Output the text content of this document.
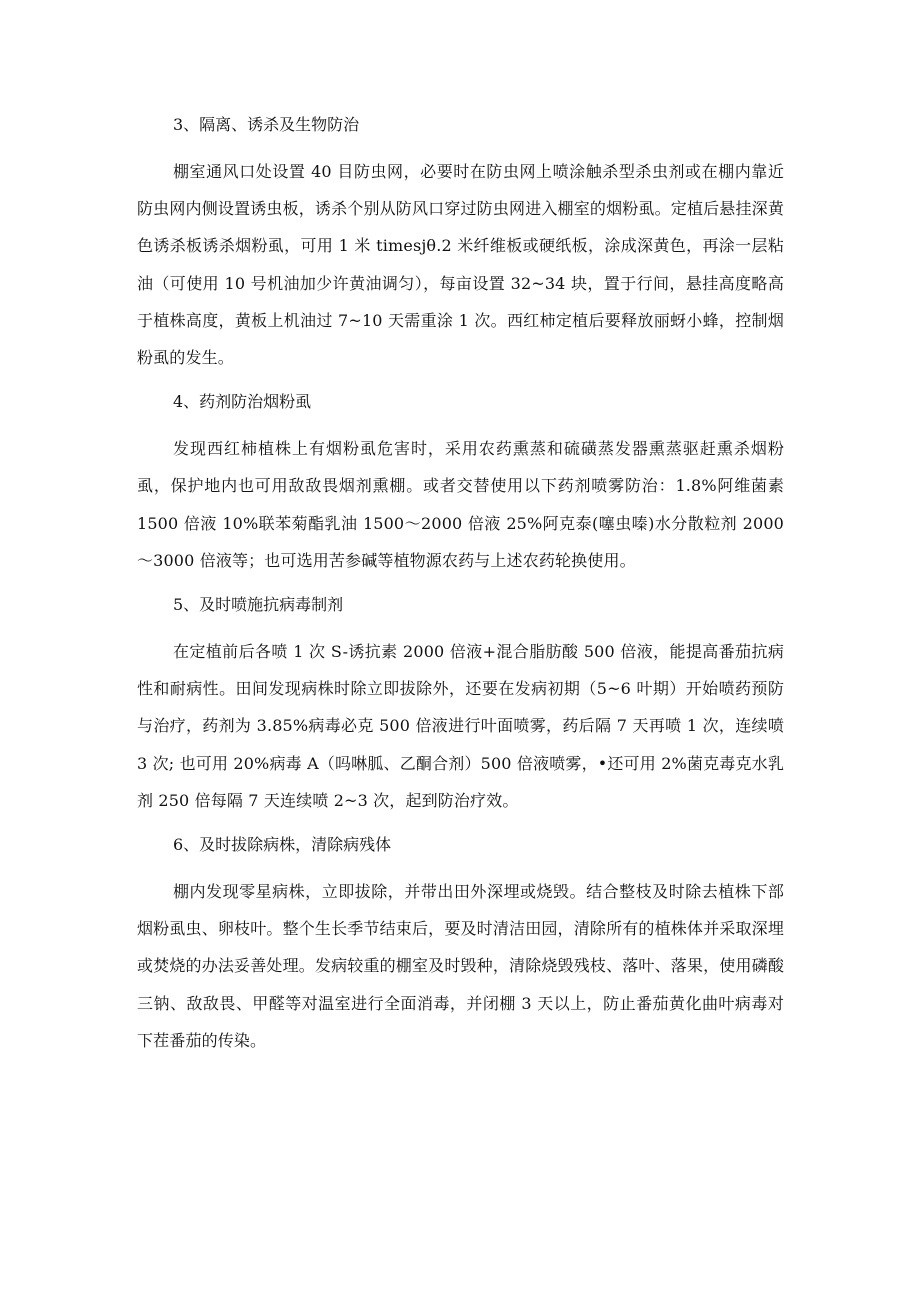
3、隔离、诱杀及生物防治

棚室通风口处设置 40 目防虫网，必要时在防虫网上喷涂触杀型杀虫剂或在棚内靠近防虫网内侧设置诱虫板，诱杀个别从防风口穿过防虫网进入棚室的烟粉虱。定植后悬挂深黄色诱杀板诱杀烟粉虱，可用 1 米 timesjθ.2 米纤维板或硬纸板，涂成深黄色，再涂一层粘油（可使用 10 号机油加少许黄油调匀），每亩设置 32~34 块，置于行间，悬挂高度略高于植株高度，黄板上机油过 7~10 天需重涂 1 次。西红柿定植后要释放丽蚜小蜂，控制烟粉虱的发生。

4、药剂防治烟粉虱

发现西红柿植株上有烟粉虱危害时，采用农药熏蒸和硫磺蒸发器熏蒸驱赶熏杀烟粉虱，保护地内也可用敌敌畏烟剂熏棚。或者交替使用以下药剂喷雾防治：1.8%阿维菌素 1500 倍液 10%联苯菊酯乳油 1500～2000 倍液 25%阿克泰(噻虫嗪)水分散粒剂 2000～3000 倍液等；也可选用苦参碱等植物源农药与上述农药轮换使用。

5、及时喷施抗病毒制剂

在定植前后各喷 1 次 S-诱抗素 2000 倍液+混合脂肪酸 500 倍液，能提高番茄抗病性和耐病性。田间发现病株时除立即拔除外，还要在发病初期（5~6 叶期）开始喷药预防与治疗，药剂为 3.85%病毒必克 500 倍液进行叶面喷雾，药后隔 7 天再喷 1 次，连续喷 3 次; 也可用 20%病毒 A（吗啉胍、乙酮合剂）500 倍液喷雾，•还可用 2%菌克毒克水乳剂 250 倍每隔 7 天连续喷 2~3 次，起到防治疗效。

6、及时拔除病株，清除病残体

棚内发现零星病株，立即拔除，并带出田外深埋或烧毁。结合整枝及时除去植株下部烟粉虱虫、卵枝叶。整个生长季节结束后，要及时清洁田园，清除所有的植株体并采取深埋或焚烧的办法妥善处理。发病较重的棚室及时毁种，清除烧毁残枝、落叶、落果，使用磷酸三钠、敌敌畏、甲醛等对温室进行全面消毒，并闭棚 3 天以上，防止番茄黄化曲叶病毒对下茬番茄的传染。
